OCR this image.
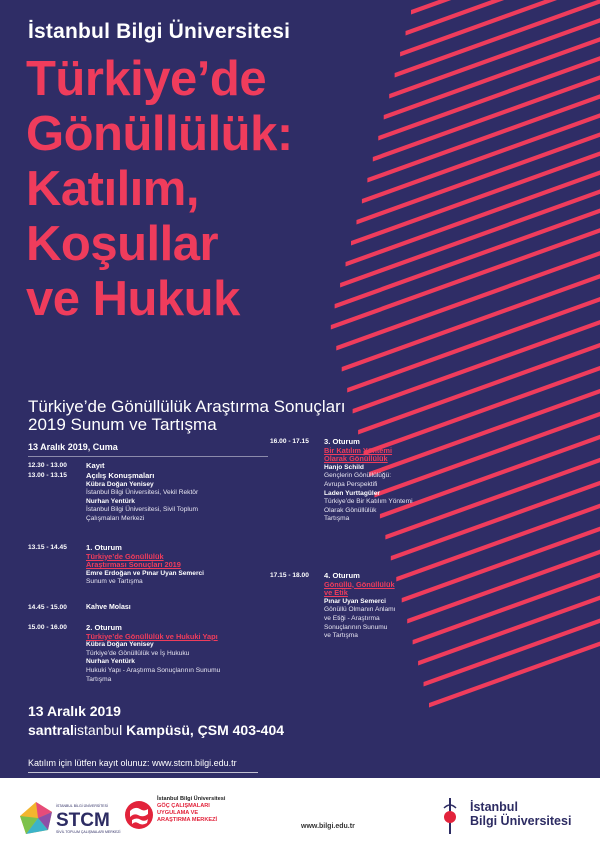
İstanbul Bilgi Üniversitesi
Türkiye’de
Gönüllülük:
Katılım,
Koşullar
ve Hukuk
Türkiye’de Gönüllülük Araştırma Sonuçları
2019 Sunum ve Tartışma
13 Aralık 2019, Cuma
12.30 - 13.00	Kayıt
13.00 - 13.15	Açılış Konuşmaları
Kübra Doğan Yenisey
İstanbul Bilgi Üniversitesi, Vekil Rektör
Nurhan Yentürk
İstanbul Bilgi Üniversitesi, Sivil Toplum
Çalışmaları Merkezi
13.15 - 14.45	1. Oturum
Türkiye’de Gönüllülük
Araştırması Sonuçları 2019
Emre Erdoğan ve Pınar Uyan Semerci
Sunum ve Tartışma
14.45 - 15.00	Kahve Molası
15.00 - 16.00	2. Oturum
Türkiye’de Gönüllülük ve Hukuki Yapı
Kübra Doğan Yenisey
Türkiye’de Gönüllülük ve İş Hukuku
Nurhan Yentürk
Hukuki Yapı - Araştırma Sonuçlarının Sunumu
Tartışma
16.00 - 17.15	3. Oturum
Bir Katılım Yöntemi
Olarak Gönüllülük
Hanjo Schild
Gençlerin Gönüllülüğü:
Avrupa Perspektifi
Laden Yurttagüler
Türkiye’de Bir Katılım Yöntemi
Olarak Gönüllülük
Tartışma
17.15 - 18.00	4. Oturum
Gönüllü, Gönüllülük
ve Etik
Pınar Uyan Semerci
Gönüllü Olmanın Anlamı
ve Etiği - Araştırma
Sonuçlarının Sunumu
ve Tartışma
13 Aralık 2019
santralistanbul Kampüsü, ÇSM 403-404
Katılım için lütfen kayıt olunuz: www.stcm.bilgi.edu.tr
İSTANBUL BİLGİ ÜNİVERSİTESİ
STCM
SİVİL TOPLUM ÇALIŞMALARI MERKEZİ
İstanbul Bilgi Üniversitesi
GÖÇ ÇALIŞMALARI
UYGULAMA VE
ARAŞTIRMA MERKEZİ
www.bilgi.edu.tr
İstanbul
Bilgi Üniversitesi
